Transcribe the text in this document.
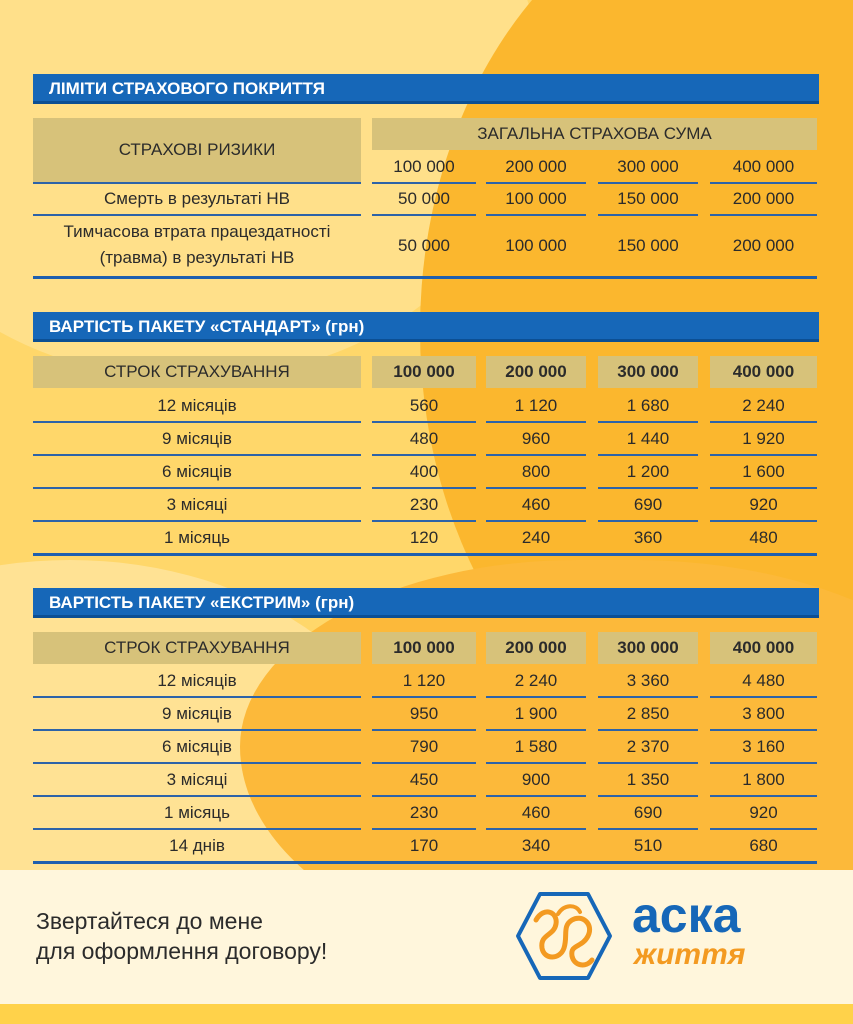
ЛІМІТИ СТРАХОВОГО ПОКРИТТЯ
СТРАХОВІ РИЗИКИ
ЗАГАЛЬНА СТРАХОВА СУМА
100 000	200 000	300 000	400 000
Смерть в результаті НВ	50 000	100 000	150 000	200 000
Тимчасова втрата працездатності
(травма) в результаті НВ
50 000	100 000	150 000	200 000
ВАРТІСТЬ ПАКЕТУ «СТАНДАРТ» (грн)
СТРОК СТРАХУВАННЯ	100 000	200 000	300 000	400 000
12 місяців	560	1 120	1 680	2 240
9 місяців	480	960	1 440	1 920
6 місяців	400	800	1 200	1 600
3 місяці	230	460	690	920
1 місяць	120	240	360	480
ВАРТІСТЬ ПАКЕТУ «ЕКСТРИМ» (грн)
СТРОК СТРАХУВАННЯ	100 000	200 000	300 000	400 000
12 місяців	1 120	2 240	3 360	4 480
9 місяців	950	1 900	2 850	3 800
6 місяців	790	1 580	2 370	3 160
3 місяці	450	900	1 350	1 800
1 місяць	230	460	690	920
14 днів	170	340	510	680
Звертайтеся до мене
для оформлення договору!
аска
життя
